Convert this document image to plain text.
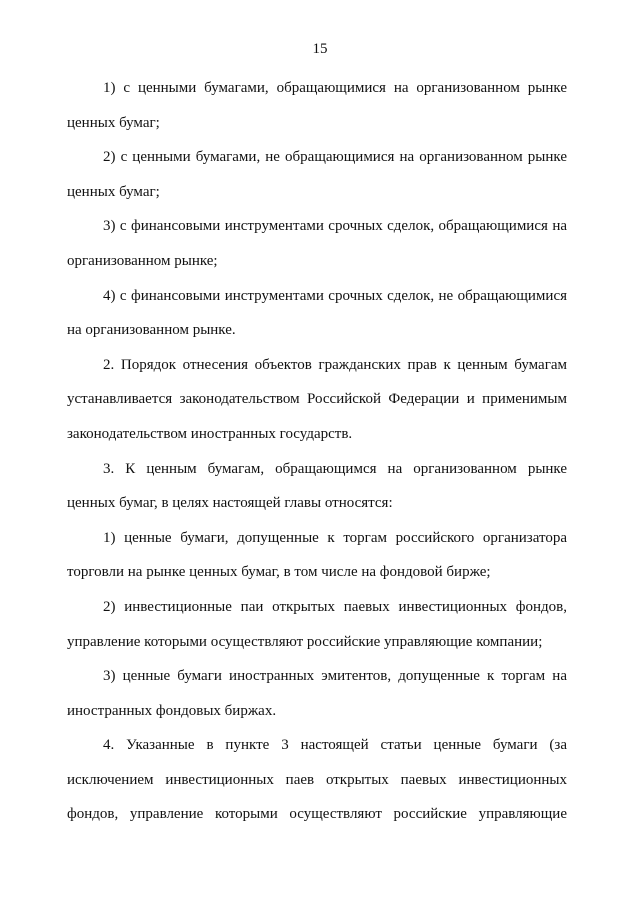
15

1) с ценными бумагами, обращающимися на организованном рынке ценных бумаг;

2) с ценными бумагами, не обращающимися на организованном рынке ценных бумаг;

3) с финансовыми инструментами срочных сделок, обращающимися на организованном рынке;

4) с финансовыми инструментами срочных сделок, не обращающимися на организованном рынке.

2. Порядок отнесения объектов гражданских прав к ценным бумагам устанавливается законодательством Российской Федерации и применимым законодательством иностранных государств.

3. К ценным бумагам, обращающимся на организованном рынке ценных бумаг, в целях настоящей главы относятся:

1) ценные бумаги, допущенные к торгам российского организатора торговли на рынке ценных бумаг, в том числе на фондовой бирже;

2) инвестиционные паи открытых паевых инвестиционных фондов, управление которыми осуществляют российские управляющие компании;

3) ценные бумаги иностранных эмитентов, допущенные к торгам на иностранных фондовых биржах.

4. Указанные в пункте 3 настоящей статьи ценные бумаги (за исключением инвестиционных паев открытых паевых инвестиционных фондов, управление которыми осуществляют российские управляющие
